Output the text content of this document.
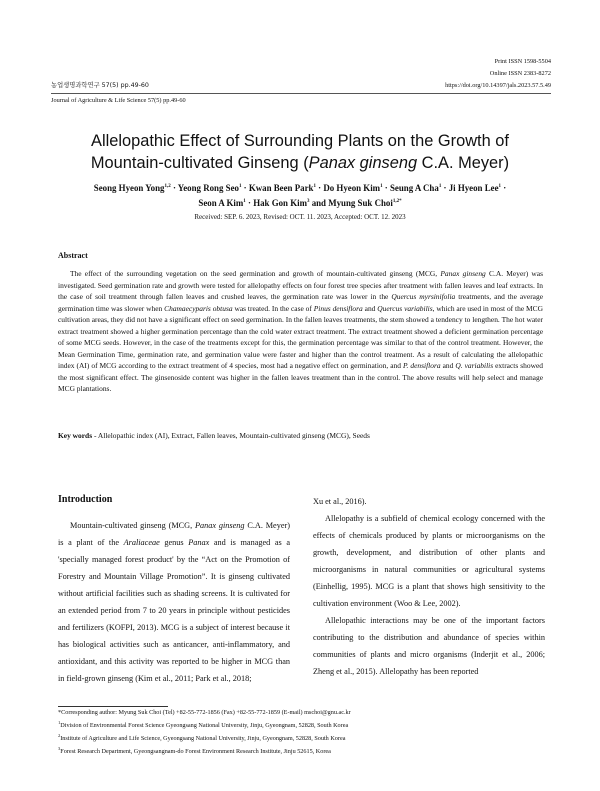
Print ISSN 1598-5504
Online ISSN 2383-8272
농업생명과학연구 57(5) pp.49-60	https://doi.org/10.14397/jals.2023.57.5.49
Journal of Agriculture & Life Science 57(5) pp.49-60
Allelopathic Effect of Surrounding Plants on the Growth of
Mountain-cultivated Ginseng (Panax ginseng C.A. Meyer)
Seong Hyeon Yong$^{1,2}$ · Yeong Rong Seo$^1$ · Kwan Been Park$^1$ · Do Hyeon Kim$^1$ · Seung A Cha$^1$ · Ji Hyeon Lee$^1$ ·
Seon A Kim$^1$ · Hak Gon Kim$^3$ and Myung Suk Choi$^{1,2*}$
Received: SEP. 6. 2023, Revised: OCT. 11. 2023, Accepted: OCT. 12. 2023
Abstract
The effect of the surrounding vegetation on the seed germination and growth of mountain-cultivated ginseng (MCG, Panax ginseng C.A. Meyer) was investigated. Seed germination rate and growth were tested for allelopathy effects on four forest tree species after treatment with fallen leaves and leaf extracts. In the case of soil treatment through fallen leaves and crushed leaves, the germination rate was lower in the Quercus myrsinifolia treatments, and the average germination time was slower when Chamaecyparis obtusa was treated. In the case of Pinus densiflora and Quercus variabilis, which are used in most of the MCG cultivation areas, they did not have a significant effect on seed germination. In the fallen leaves treatments, the stem showed a tendency to lengthen. The hot water extract treatment showed a higher germination percentage than the cold water extract treatment. The extract treatment showed a deficient germination percentage of some MCG seeds. However, in the case of the treatments except for this, the germination percentage was similar to that of the control treatment. However, the Mean Germination Time, germination rate, and germination value were faster and higher than the control treatment. As a result of calculating the allelopathic index (AI) of MCG according to the extract treatment of 4 species, most had a negative effect on germination, and P. densiflora and Q. variabilis extracts showed the most significant effect. The ginsenoside content was higher in the fallen leaves treatment than in the control. The above results will help select and manage MCG plantations.
Key words - Allelopathic index (AI), Extract, Fallen leaves, Mountain-cultivated ginseng (MCG), Seeds
Introduction

Mountain-cultivated ginseng (MCG, Panax ginseng C.A. Meyer) is a plant of the Araliaceae genus Panax and is managed as a 'specially managed forest product' by the “Act on the Promotion of Forestry and Mountain Village Promotion”. It is ginseng cultivated without artificial facilities such as shading screens. It is cultivated for an extended period from 7 to 20 years in principle without pesticides and fertilizers (KOFPI, 2013). MCG is a subject of interest because it has biological activities such as anticancer, anti-inflammatory, and antioxidant, and this activity was reported to be higher in MCG than in field-grown ginseng (Kim et al., 2011; Park et al., 2018;

Xu et al., 2016).

Allelopathy is a subfield of chemical ecology concerned with the effects of chemicals produced by plants or microorganisms on the growth, development, and distribution of other plants and microorganisms in natural communities or agricultural systems (Einhellig, 1995). MCG is a plant that shows high sensitivity to the cultivation environment (Woo & Lee, 2002).

Allelopathic interactions may be one of the important factors contributing to the distribution and abundance of species within communities of plants and micro organisms (Inderjit et al., 2006; Zheng et al., 2015). Allelopathy has been reported

*Corresponding author: Myung Suk Choi (Tel) +82-55-772-1856 (Fax) +82-55-772-1859 (E-mail) mschoi@gnu.ac.kr
$^1$Division of Environmental Forest Science Gyeongsang National University, Jinju, Gyeongnam, 52828, South Korea
$^2$Institute of Agriculture and Life Science, Gyeongsang National University, Jinju, Gyeongnam, 52828, South Korea
$^3$Forest Research Department, Gyeongsangnam-do Forest Environment Research Institute, Jinju 52615, Korea
